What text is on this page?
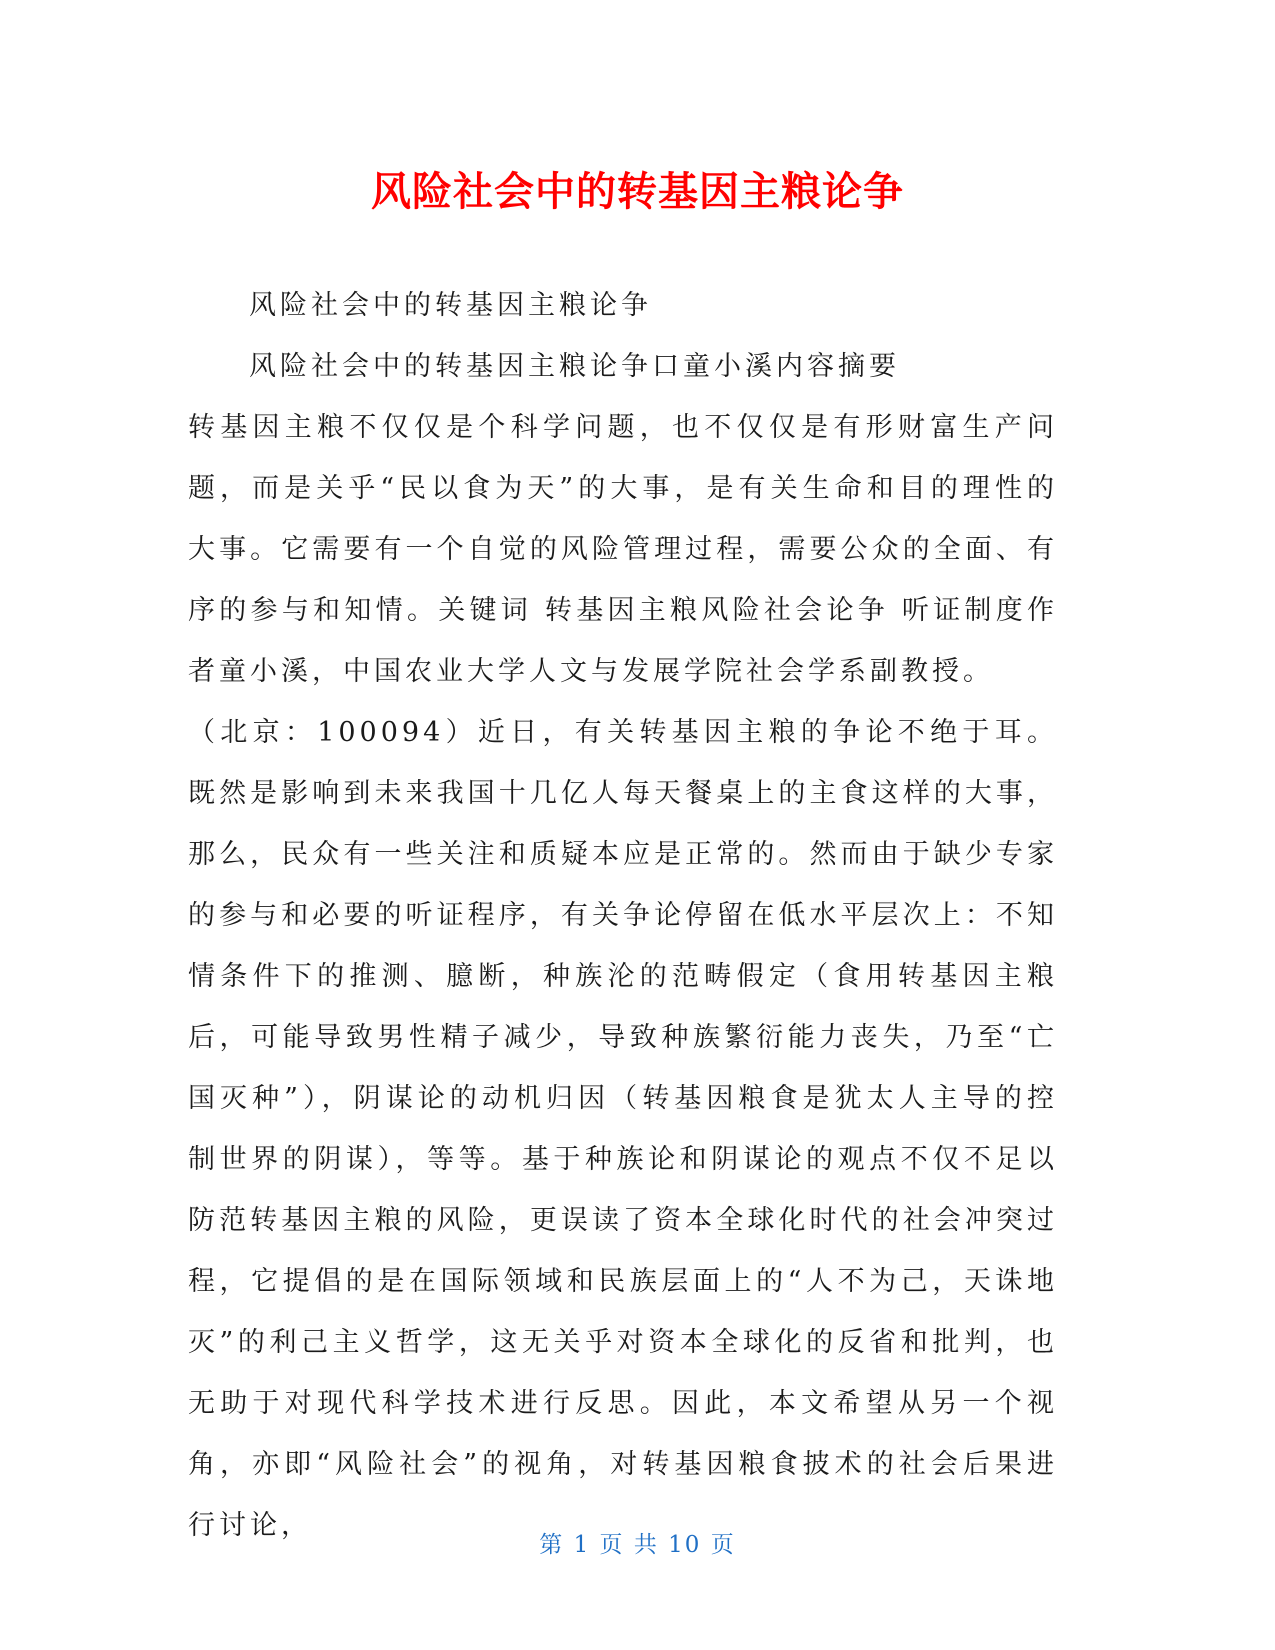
风险社会中的转基因主粮论争
风险社会中的转基因主粮论争
风险社会中的转基因主粮论争口童小溪内容摘要
转基因主粮不仅仅是个科学问题，也不仅仅是有形财富生产问题，而是关乎“民以食为天”的大事，是有关生命和目的理性的大事。它需要有一个自觉的风险管理过程，需要公众的全面、有序的参与和知情。关键词 转基因主粮风险社会论争 听证制度作者童小溪，中国农业大学人文与发展学院社会学系副教授。
（北京：100094）近日，有关转基因主粮的争论不绝于耳。既然是影响到未来我国十几亿人每天餐桌上的主食这样的大事，那么，民众有一些关注和质疑本应是正常的。然而由于缺少专家的参与和必要的听证程序，有关争论停留在低水平层次上：不知情条件下的推测、臆断，种族沦的范畴假定（食用转基因主粮后，可能导致男性精子减少，导致种族繁衍能力丧失，乃至“亡国灭种”），阴谋论的动机归因（转基因粮食是犹太人主导的控制世界的阴谋），等等。基于种族论和阴谋论的观点不仅不足以防范转基因主粮的风险，更误读了资本全球化时代的社会冲突过程，它提倡的是在国际领域和民族层面上的“人不为己，天诛地灭”的利己主义哲学，这无关乎对资本全球化的反省和批判，也无助于对现代科学技术进行反思。因此，本文希望从另一个视角，亦即“风险社会”的视角，对转基因粮食披术的社会后果进行讨论，
第 1 页 共 10 页
